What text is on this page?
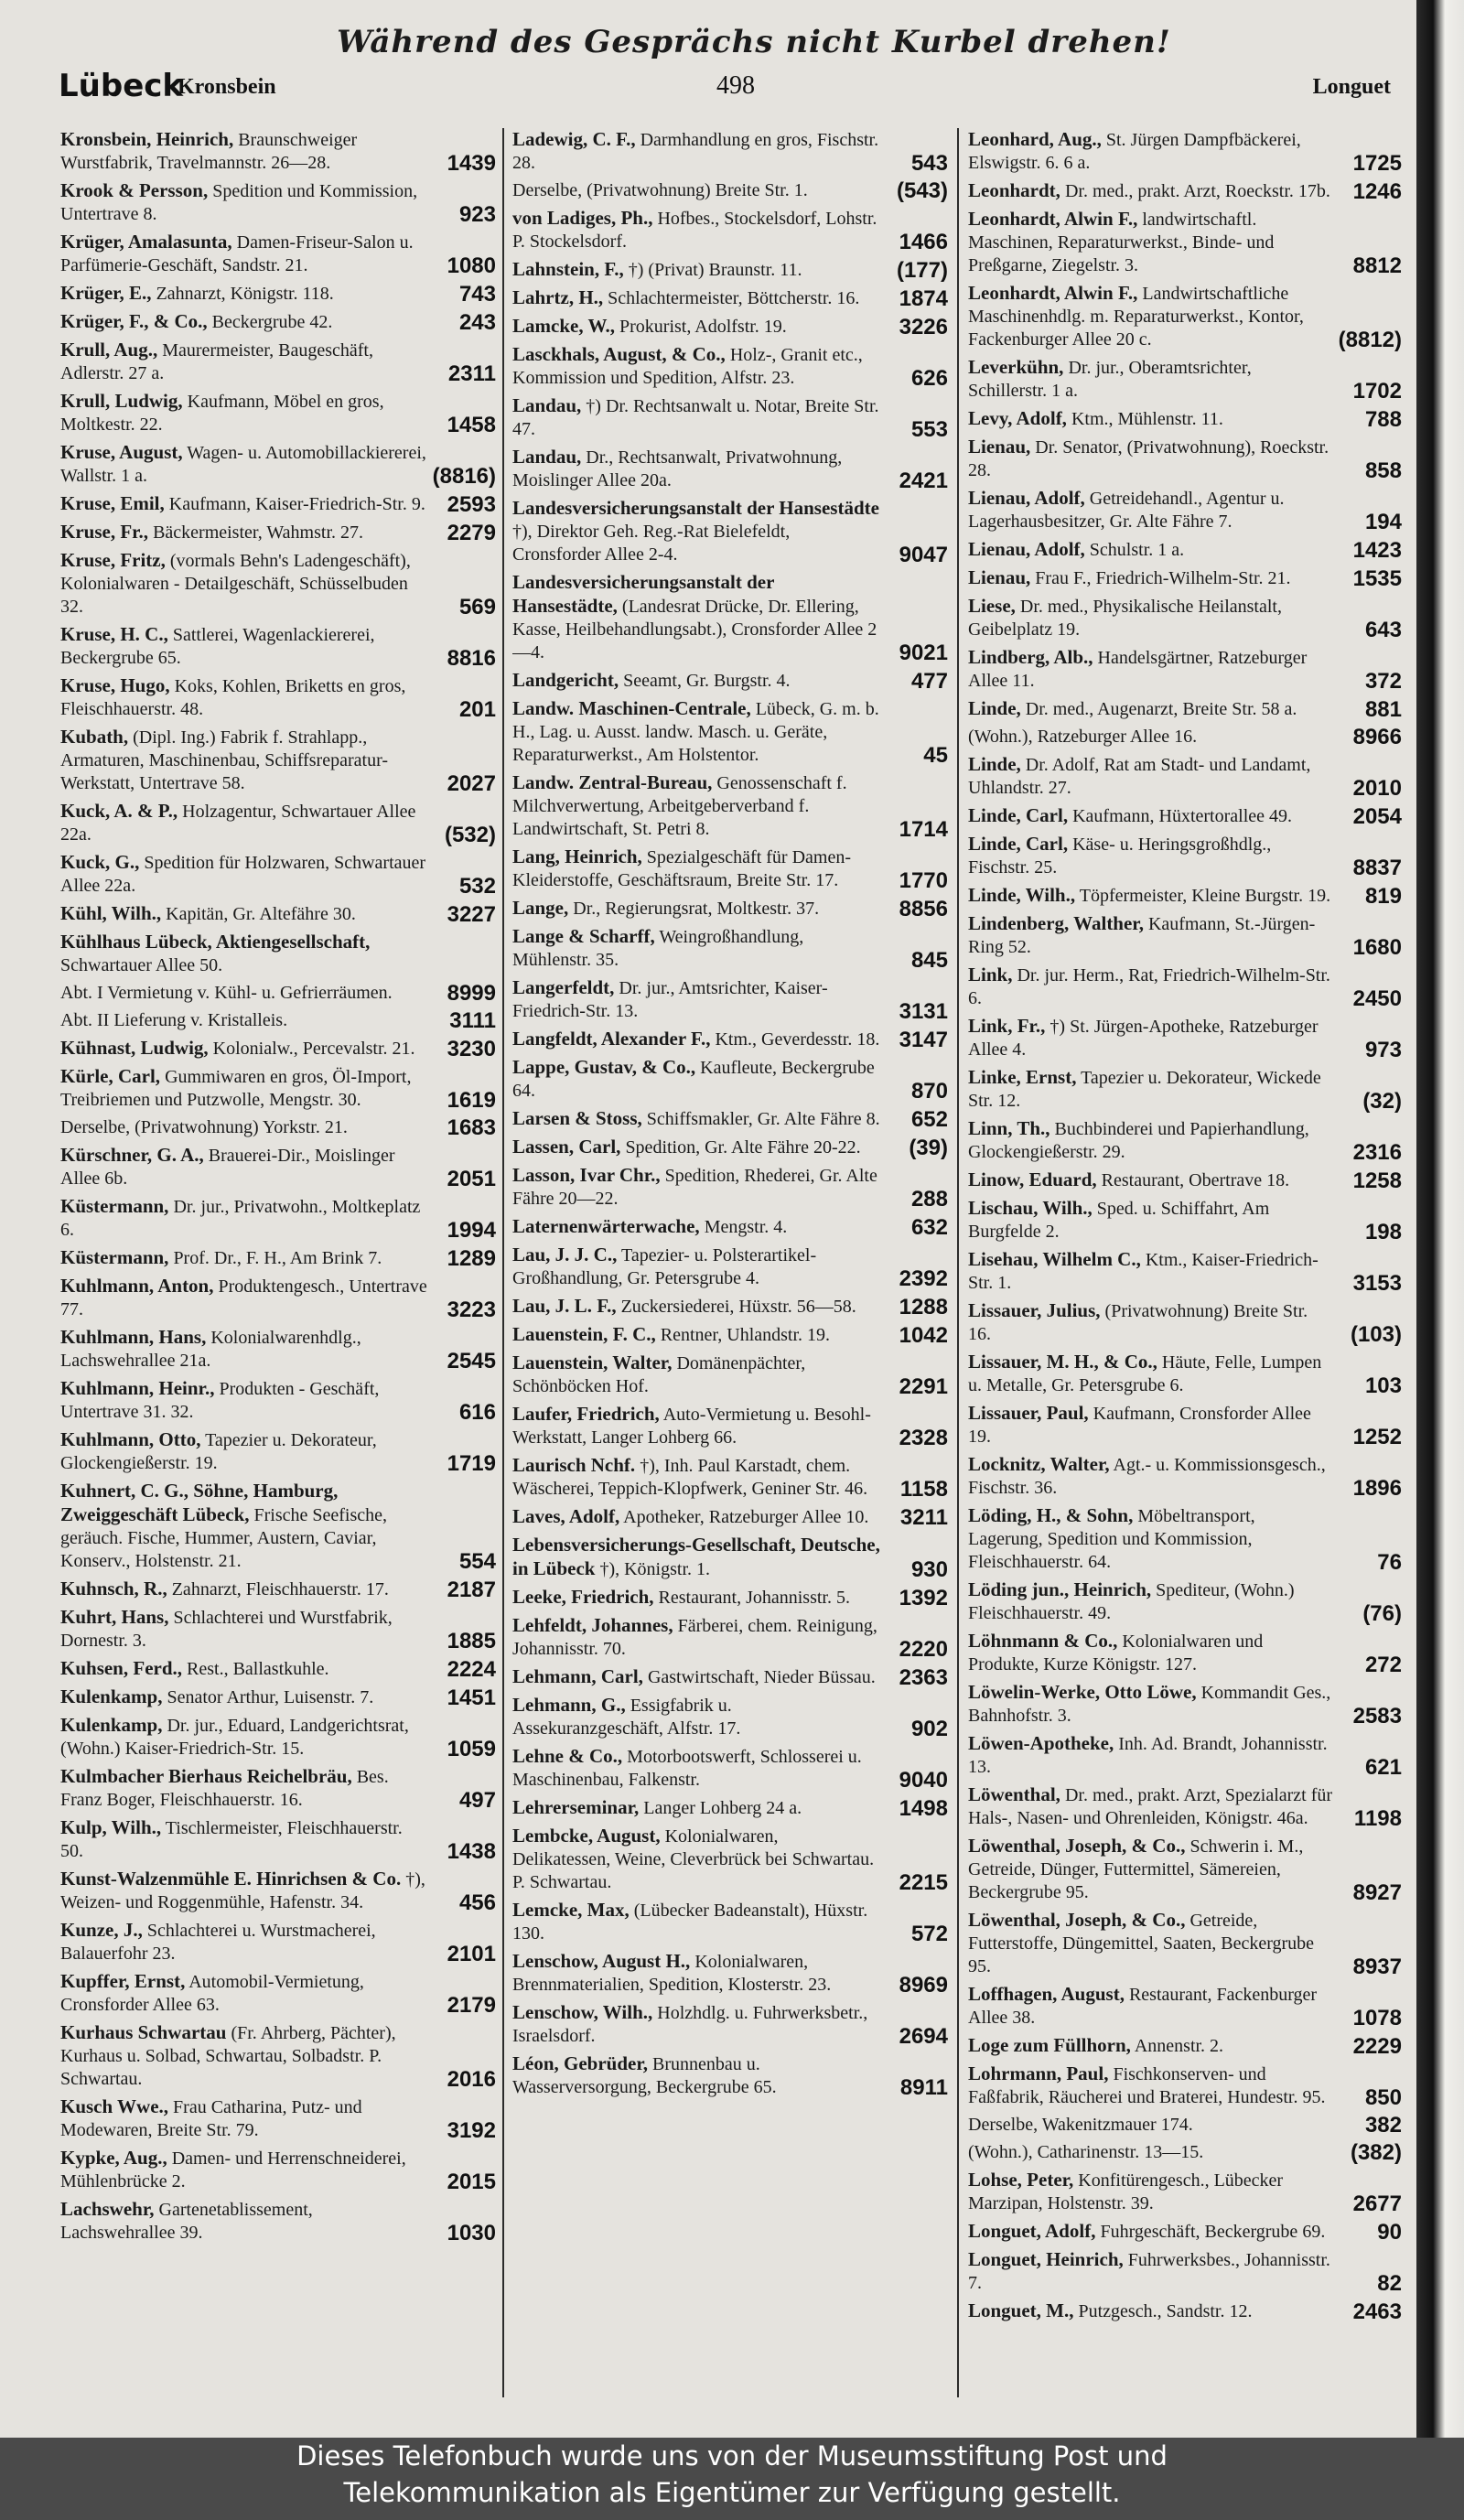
Während des Gesprächs nicht Kurbel drehen!
Lübeck
Kronsbein	498	Longuet
Kronsbein, Heinrich, Braunschweiger Wurstfabrik, Travelmannstr. 26—28.	1439
Krook & Persson, Spedition und Kommission, Untertrave 8.	923
Krüger, Amalasunta, Damen-Friseur-Salon u. Parfümerie-Geschäft, Sandstr. 21.	1080
Krüger, E., Zahnarzt, Königstr. 118.	743
Krüger, F., & Co., Beckergrube 42.	243
Krull, Aug., Maurermeister, Baugeschäft, Adlerstr. 27 a.	2311
Krull, Ludwig, Kaufmann, Möbel en gros, Moltkestr. 22.	1458
Kruse, August, Wagen- u. Automobillackiererei, Wallstr. 1 a.	(8816)
Kruse, Emil, Kaufmann, Kaiser-Friedrich-Str. 9. 2593
Kruse, Fr., Bäckermeister, Wahmstr. 27.	2279
Kruse, Fritz, (vormals Behn's Ladengeschäft), Kolonialwaren - Detailgeschäft, Schüsselbuden 32.	569
Kruse, H. C., Sattlerei, Wagenlackiererei, Beckergrube 65.	8816
Kruse, Hugo, Koks, Kohlen, Briketts en gros, Fleischhauerstr. 48.	201
Kubath, (Dipl. Ing.) Fabrik f. Strahlapp., Armaturen, Maschinenbau, Schiffsreparatur-Werkstatt, Untertrave 58.	2027
Kuck, A. & P., Holzagentur, Schwartauer Allee 22a.	(532)
Kuck, G., Spedition für Holzwaren, Schwartauer Allee 22a.	532
Kühl, Wilh., Kapitän, Gr. Altefähre 30.	3227
Kühlhaus Lübeck, Aktiengesellschaft, Schwartauer Allee 50.
Abt. I Vermietung v. Kühl- u. Gefrierräumen. 8999
Abt. II Lieferung v. Kristalleis.	3111
Kühnast, Ludwig, Kolonialw., Percevalstr. 21. 3230
Kürle, Carl, Gummiwaren en gros, Öl-Import, Treibriemen und Putzwolle, Mengstr. 30.	1619
Derselbe, (Privatwohnung) Yorkstr. 21.	1683
Kürschner, G. A., Brauerei-Dir., Moislinger Allee 6b.	2051
Küstermann, Dr. jur., Privatwohn., Moltkeplatz 6.	1994
Küstermann, Prof. Dr., F. H., Am Brink 7.	1289
Kuhlmann, Anton, Produktengesch., Untertrave 77.	3223
Kuhlmann, Hans, Kolonialwarenhdlg., Lachswehrallee 21a.	2545
Kuhlmann, Heinr., Produkten - Geschäft, Untertrave 31. 32.	616
Kuhlmann, Otto, Tapezier u. Dekorateur, Glockengießerstr. 19.	1719
Kuhnert, C. G., Söhne, Hamburg, Zweiggeschäft Lübeck, Frische Seefische, geräuch. Fische, Hummer, Austern, Caviar, Konserv., Holstenstr. 21.	554
Kuhnsch, R., Zahnarzt, Fleischhauerstr. 17.	2187
Kuhrt, Hans, Schlachterei und Wurstfabrik, Dornestr. 3.	1885
Kuhsen, Ferd., Rest., Ballastkuhle.	2224
Kulenkamp, Senator Arthur, Luisenstr. 7.	1451
Kulenkamp, Dr. jur., Eduard, Landgerichtsrat, (Wohn.) Kaiser-Friedrich-Str. 15.	1059
Kulmbacher Bierhaus Reichelbräu, Bes. Franz Boger, Fleischhauerstr. 16.	497
Kulp, Wilh., Tischlermeister, Fleischhauerstr. 50.	1438
Kunst-Walzenmühle E. Hinrichsen & Co. †), Weizen- und Roggenmühle, Hafenstr. 34.	456
Kunze, J., Schlachterei u. Wurstmacherei, Balauerfohr 23.	2101
Kupffer, Ernst, Automobil-Vermietung, Cronsforder Allee 63.	2179
Kurhaus Schwartau (Fr. Ahrberg, Pächter), Kurhaus u. Solbad, Schwartau, Solbadstr. P. Schwartau.	2016
Kusch Wwe., Frau Catharina, Putz- und Modewaren, Breite Str. 79.	3192
Kypke, Aug., Damen- und Herrenschneiderei, Mühlenbrücke 2.	2015
Lachswehr, Gartenetablissement, Lachswehrallee 39.	1030
Ladewig, C. F., Darmhandlung en gros, Fischstr. 28.	543
Derselbe, (Privatwohnung) Breite Str. 1.	(543)
von Ladiges, Ph., Hofbes., Stockelsdorf, Lohstr. P. Stockelsdorf.	1466
Lahnstein, F., †) (Privat) Braunstr. 11.	(177)
Lahrtz, H., Schlachtermeister, Böttcherstr. 16. 1874
Lamcke, W., Prokurist, Adolfstr. 19.	3226
Lasckhals, August, & Co., Holz-, Granit etc., Kommission und Spedition, Alfstr. 23.	626
Landau, †) Dr. Rechtsanwalt u. Notar, Breite Str. 47.	553
Landau, Dr., Rechtsanwalt, Privatwohnung, Moislinger Allee 20a.	2421
Landesversicherungsanstalt der Hansestädte †), Direktor Geh. Reg.-Rat Bielefeldt, Cronsforder Allee 2-4.	9047
Landesversicherungsanstalt der Hansestädte, (Landesrat Drücke, Dr. Ellering, Kasse, Heilbehandlungsabt.), Cronsforder Allee 2—4.	9021
Landgericht, Seeamt, Gr. Burgstr. 4.	477
Landw. Maschinen-Centrale, Lübeck, G. m. b. H., Lag. u. Ausst. landw. Masch. u. Geräte, Reparaturwerkst., Am Holstentor.	45
Landw. Zentral-Bureau, Genossenschaft f. Milchverwertung, Arbeitgeberverband f. Landwirtschaft, St. Petri 8.	1714
Lang, Heinrich, Spezialgeschäft für Damen-Kleiderstoffe, Geschäftsraum, Breite Str. 17.	1770
Lange, Dr., Regierungsrat, Moltkestr. 37.	8856
Lange & Scharff, Weingroßhandlung, Mühlenstr. 35.	845
Langerfeldt, Dr. jur., Amtsrichter, Kaiser-Friedrich-Str. 13.	3131
Langfeldt, Alexander F., Ktm., Geverdesstr. 18. 3147
Lappe, Gustav, & Co., Kaufleute, Beckergrube 64.	870
Larsen & Stoss, Schiffsmakler, Gr. Alte Fähre 8. 652
Lassen, Carl, Spedition, Gr. Alte Fähre 20-22. (39)
Lasson, Ivar Chr., Spedition, Rhederei, Gr. Alte Fähre 20—22.	288
Laternenwärterwache, Mengstr. 4.	632
Lau, J. J. C., Tapezier- u. Polsterartikel-Großhandlung, Gr. Petersgrube 4.	2392
Lau, J. L. F., Zuckersiederei, Hüxstr. 56—58. 1288
Lauenstein, F. C., Rentner, Uhlandstr. 19.	1042
Lauenstein, Walter, Domänenpächter, Schönböcken Hof.	2291
Laufer, Friedrich, Auto-Vermietung u. Besohl-Werkstatt, Langer Lohberg 66.	2328
Laurisch Nchf. †), Inh. Paul Karstadt, chem. Wäscherei, Teppich-Klopfwerk, Geniner Str. 46. 1158
Laves, Adolf, Apotheker, Ratzeburger Allee 10. 3211
Lebensversicherungs-Gesellschaft, Deutsche, in Lübeck †), Königstr. 1.	930
Leeke, Friedrich, Restaurant, Johannisstr. 5. 1392
Lehfeldt, Johannes, Färberei, chem. Reinigung, Johannisstr. 70.	2220
Lehmann, Carl, Gastwirtschaft, Nieder Büssau. 2363
Lehmann, G., Essigfabrik u. Assekuranzgeschäft, Alfstr. 17.	902
Lehne & Co., Motorbootswerft, Schlosserei u. Maschinenbau, Falkenstr.	9040
Lehrerseminar, Langer Lohberg 24 a.	1498
Lembcke, August, Kolonialwaren, Delikatessen, Weine, Cleverbrück bei Schwartau. P. Schwartau.	2215
Lemcke, Max, (Lübecker Badeanstalt), Hüxstr. 130.	572
Lenschow, August H., Kolonialwaren, Brennmaterialien, Spedition, Klosterstr. 23.	8969
Lenschow, Wilh., Holzhdlg. u. Fuhrwerksbetr., Israelsdorf.	2694
Léon, Gebrüder, Brunnenbau u. Wasserversorgung, Beckergrube 65.	8911
Leonhard, Aug., St. Jürgen Dampfbäckerei, Elswigstr. 6. 6 a.	1725
Leonhardt, Dr. med., prakt. Arzt, Roeckstr. 17b. 1246
Leonhardt, Alwin F., landwirtschaftl. Maschinen, Reparaturwerkst., Binde- und Preßgarne, Ziegelstr. 3.	8812
Leonhardt, Alwin F., Landwirtschaftliche Maschinenhdlg. m. Reparaturwerkst., Kontor, Fackenburger Allee 20 c.	(8812)
Leverkühn, Dr. jur., Oberamtsrichter, Schillerstr. 1 a.	1702
Levy, Adolf, Ktm., Mühlenstr. 11.	788
Lienau, Dr. Senator, (Privatwohnung), Roeckstr. 28.	858
Lienau, Adolf, Getreidehandl., Agentur u. Lagerhausbesitzer, Gr. Alte Fähre 7.	194
Lienau, Adolf, Schulstr. 1 a.	1423
Lienau, Frau F., Friedrich-Wilhelm-Str. 21.	1535
Liese, Dr. med., Physikalische Heilanstalt, Geibelplatz 19.	643
Lindberg, Alb., Handelsgärtner, Ratzeburger Allee 11.	372
Linde, Dr. med., Augenarzt, Breite Str. 58 a.	881
(Wohn.), Ratzeburger Allee 16.	8966
Linde, Dr. Adolf, Rat am Stadt- und Landamt, Uhlandstr. 27.	2010
Linde, Carl, Kaufmann, Hüxtertorallee 49.	2054
Linde, Carl, Käse- u. Heringsgroßhdlg., Fischstr. 25.	8837
Linde, Wilh., Töpfermeister, Kleine Burgstr. 19. 819
Lindenberg, Walther, Kaufmann, St.-Jürgen-Ring 52.	1680
Link, Dr. jur. Herm., Rat, Friedrich-Wilhelm-Str. 6.	2450
Link, Fr., †) St. Jürgen-Apotheke, Ratzeburger Allee 4.	973
Linke, Ernst, Tapezier u. Dekorateur, Wickede Str. 12.	(32)
Linn, Th., Buchbinderei und Papierhandlung, Glockengießerstr. 29.	2316
Linow, Eduard, Restaurant, Obertrave 18.	1258
Lischau, Wilh., Sped. u. Schiffahrt, Am Burgfelde 2.	198
Lisehau, Wilhelm C., Ktm., Kaiser-Friedrich-Str. 1.	3153
Lissauer, Julius, (Privatwohnung) Breite Str. 16.	(103)
Lissauer, M. H., & Co., Häute, Felle, Lumpen u. Metalle, Gr. Petersgrube 6.	103
Lissauer, Paul, Kaufmann, Cronsforder Allee 19.	1252
Locknitz, Walter, Agt.- u. Kommissionsgesch., Fischstr. 36.	1896
Löding, H., & Sohn, Möbeltransport, Lagerung, Spedition und Kommission, Fleischhauerstr. 64.	76
Löding jun., Heinrich, Spediteur, (Wohn.) Fleischhauerstr. 49.	(76)
Löhnmann & Co., Kolonialwaren und Produkte, Kurze Königstr. 127.	272
Löwelin-Werke, Otto Löwe, Kommandit Ges., Bahnhofstr. 3.	2583
Löwen-Apotheke, Inh. Ad. Brandt, Johannisstr. 13.	621
Löwenthal, Dr. med., prakt. Arzt, Spezialarzt für Hals-, Nasen- und Ohrenleiden, Königstr. 46a. 1198
Löwenthal, Joseph, & Co., Schwerin i. M., Getreide, Dünger, Futtermittel, Sämereien, Beckergrube 95.	8927
Löwenthal, Joseph, & Co., Getreide, Futterstoffe, Düngemittel, Saaten, Beckergrube 95.	8937
Loffhagen, August, Restaurant, Fackenburger Allee 38.	1078
Loge zum Füllhorn, Annenstr. 2.	2229
Lohrmann, Paul, Fischkonserven- und Faßfabrik, Räucherei und Braterei, Hundestr. 95. 850
Derselbe, Wakenitzmauer 174.	382
(Wohn.), Catharinenstr. 13—15.	(382)
Lohse, Peter, Konfitürengesch., Lübecker Marzipan, Holstenstr. 39.	2677
Longuet, Adolf, Fuhrgeschäft, Beckergrube 69. 90
Longuet, Heinrich, Fuhrwerksbes., Johannisstr. 7.	82
Longuet, M., Putzgesch., Sandstr. 12.	2463
Dieses Telefonbuch wurde uns von der Museumsstiftung Post und
Telekommunikation als Eigentümer zur Verfügung gestellt.
